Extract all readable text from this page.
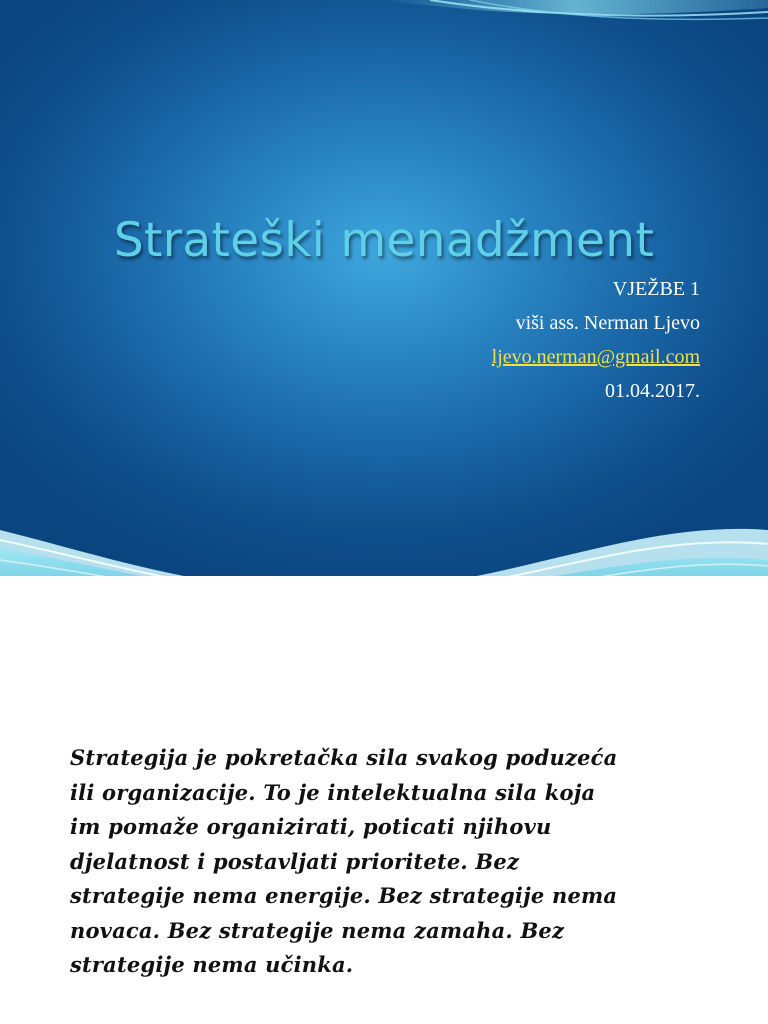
Strateški menadžment
VJEŽBE 1
viši ass. Nerman Ljevo
ljevo.nerman@gmail.com
01.04.2017.
Strategija je pokretačka sila svakog poduzeća
ili organizacije. To je intelektualna sila koja
im pomaže organizirati, poticati njihovu
djelatnost i postavljati prioritete. Bez
strategije nema energije. Bez strategije nema
novaca. Bez strategije nema zamaha. Bez
strategije nema učinka.
